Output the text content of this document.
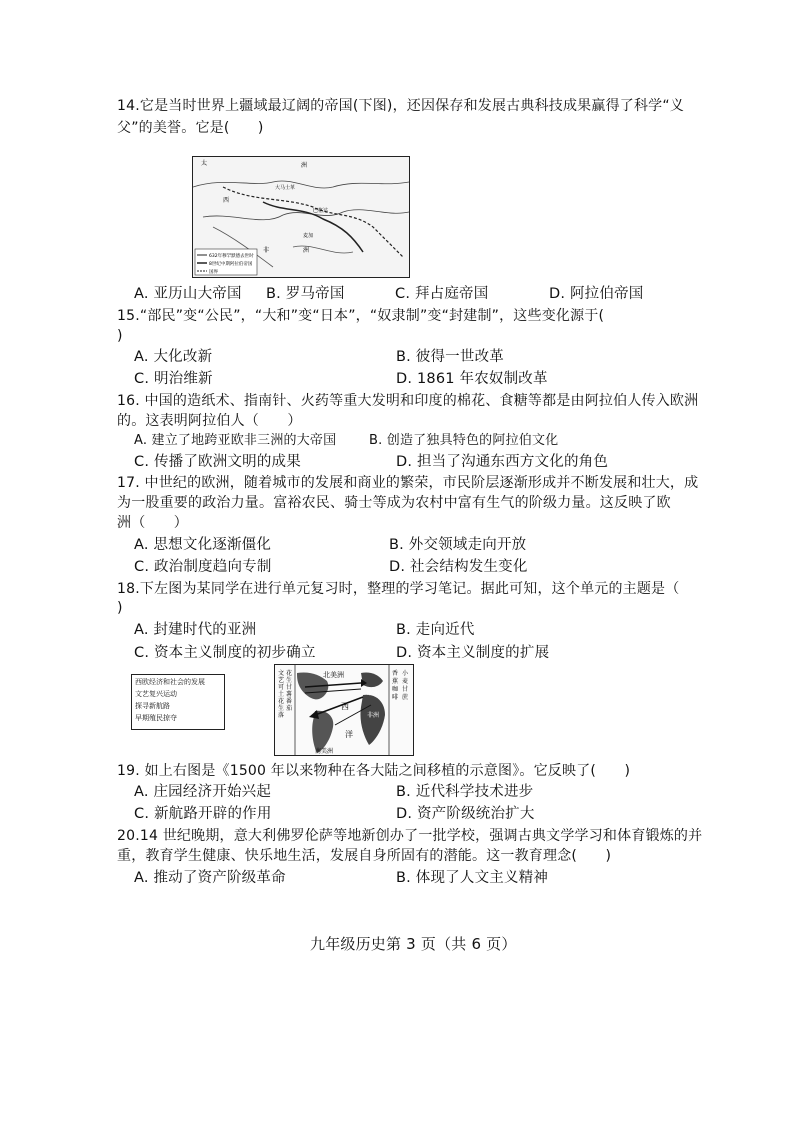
14.它是当时世界上疆域最辽阔的帝国(下图)，还因保存和发展古典科技成果赢得了科学“义
父”的美誉。它是(　　)
632年穆罕默德去世时
8世纪中期阿拉伯帝国
国界
太	洲
西
大马士革
巴格达
麦加
非	洲
A. 亚历山大帝国 B. 罗马帝国	C. 拜占庭帝国	D. 阿拉伯帝国
15.“部民”变“公民”，“大和”变“日本”，“奴隶制”变“封建制”，这些变化源于(
)
A. 大化改新	B. 彼得一世改革
C. 明治维新	D. 1861 年农奴制改革
16. 中国的造纸术、指南针、火药等重大发明和印度的棉花、食糖等都是由阿拉伯人传入欧洲
的。这表明阿拉伯人（　　）
A. 建立了地跨亚欧非三洲的大帝国	B. 创造了独具特色的阿拉伯文化
C. 传播了欧洲文明的成果	D. 担当了沟通东西方文化的角色
17. 中世纪的欧洲，随着城市的发展和商业的繁荣，市民阶层逐渐形成并不断发展和壮大，成
为一股重要的政治力量。富裕农民、骑士等成为农村中富有生气的阶级力量。这反映了欧
洲（　　）
A. 思想文化逐渐僵化	B. 外交领域走向开放
C. 政治制度趋向专制	D. 社会结构发生变化
18.下左图为某同学在进行单元复习时，整理的学习笔记。据此可知，这个单元的主题是（
)
A. 封建时代的亚洲	B. 走向近代
C. 资本主义制度的初步确立	D. 资本主义制度的扩展
西欧经济和社会的发展
文艺复兴运动
探寻新航路
早期殖民掠夺
北美洲
西
洋
南美洲
欧洲
非洲
文
艺
可
土
花
生
落
花
生
甘
薯
番
茄
香
蕉
咖
啡
小
麦
甘
蔗
19. 如上右图是《1500 年以来物种在各大陆之间移植的示意图》。它反映了(　　)
A. 庄园经济开始兴起	B. 近代科学技术进步
C. 新航路开辟的作用	D. 资产阶级统治扩大
20.14 世纪晚期，意大利佛罗伦萨等地新创办了一批学校，强调古典文学学习和体育锻炼的并
重，教育学生健康、快乐地生活，发展自身所固有的潜能。这一教育理念(　　)
A. 推动了资产阶级革命	B. 体现了人文主义精神
九年级历史第 3 页（共 6 页）
